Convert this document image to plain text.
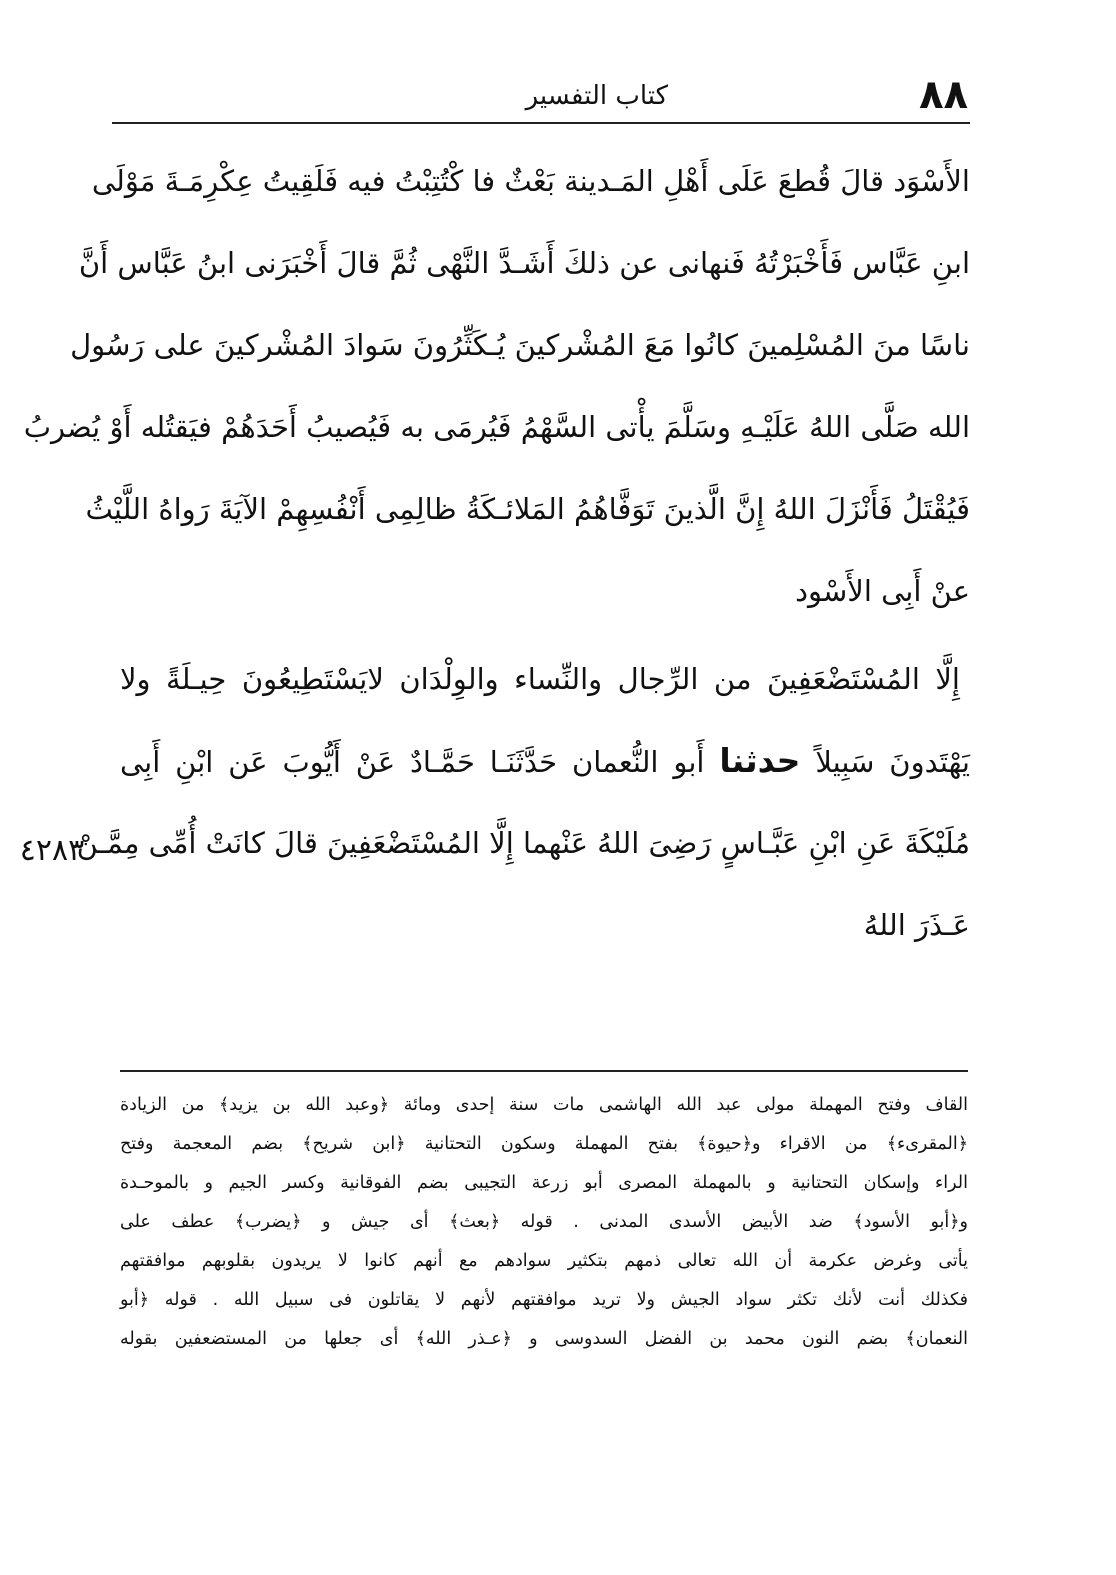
٨٨
كتاب التفسير
الأَسْوَد قالَ قُطعَ عَلَى أَهْلِ المَـدينة بَعْثٌ فا كْتُتِبْتُ فيه فَلَقِيتُ عِكْرِمَـةَ مَوْلَى
ابنِ عَبَّاس فَأَخْبَرْتُهُ فَنهانى عن ذلكَ أَشَـدَّ النَّهْى ثُمَّ قالَ أَخْبَرَنى ابنُ عَبَّاس أَنَّ
ناسًا منَ المُسْلِمينَ كانُوا مَعَ المُشْركينَ يُـكَثِّرُونَ سَوادَ المُشْركينَ على رَسُول
الله صَلَّى اللهُ عَلَيْـهِ وسَلَّمَ يأْتى السَّهْمُ فَيُرمَى به فَيُصيبُ أَحَدَهُمْ فيَقتُله أَوْ يُضربُ
فَيُقْتَلُ فَأَنْزَلَ اللهُ إِنَّ الَّذينَ تَوَفَّاهُمُ المَلائـكَةُ ظالِمِى أَنْفُسِهِمْ الآيَةَ رَواهُ اللَّيْثُ
عنْ أَبِى الأَسْود
إِلَّا المُسْتَضْعَفِينَ من الرِّجال والنِّساء والوِلْدَان لايَسْتَطِيعُونَ حِيـلَةً ولا
يَهْتَدونَ سَبِيلاً حدثنا أَبو النُّعمان حَدَّثَنَـا حَمَّـادٌ عَنْ أَيُّوبَ عَن ابْنِ أَبِى
مُلَيْكَةَ عَنِ ابْنِ عَبَّـاسٍ رَضِىَ اللهُ عَنْهما إِلَّا المُسْتَضْعَفِينَ قالَ كانَتْ أُمِّى مِمَّـنْ
عَـذَرَ اللهُ
٤٢٨٣
القاف وفتح المهملة مولى عبد الله الهاشمى مات سنة إحدى ومائة ﴿وعبد الله بن يزيد﴾ من الزيادة
﴿المقرىء﴾ من الاقراء و﴿حيوة﴾ بفتح المهملة وسكون التحتانية ﴿ابن شريح﴾ بضم المعجمة وفتح
الراء وإسكان التحتانية و بالمهملة المصرى أبو زرعة التجيبى بضم الفوقانية وكسر الجيم و بالموحـدة
و﴿أبو الأسود﴾ ضد الأبيض الأسدى المدنى . قوله ﴿بعث﴾ أى جيش و ﴿يضرب﴾ عطف على
يأتى وغرض عكرمة أن الله تعالى ذمهم بتكثير سوادهم مع أنهم كانوا لا يريدون بقلوبهم موافقتهم
فكذلك أنت لأنك تكثر سواد الجيش ولا تريد موافقتهم لأنهم لا يقاتلون فى سبيل الله . قوله ﴿أبو
النعمان﴾ بضم النون محمد بن الفضل السدوسى و ﴿عـذر الله﴾ أى جعلها من المستضعفين بقوله
